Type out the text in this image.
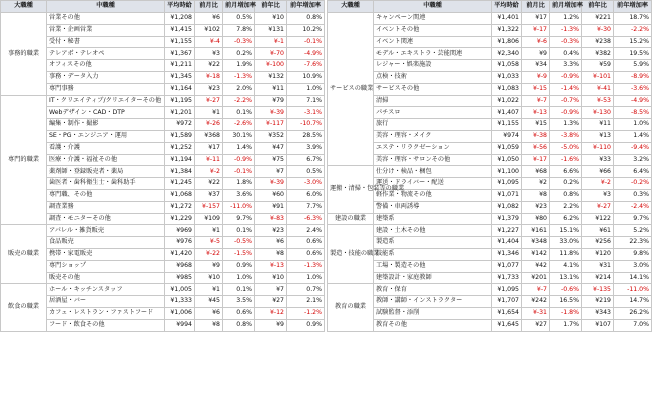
大職種	中職種	平均時給	前月比	前月増加率	前年比	前年増加率
事務的職業	営業その他	¥1,208	¥6	0.5%	¥10	0.8%
	営業・企画営業	¥1,415	¥102	7.8%	¥131	10.2%
	受付・秘書	¥1,155	¥-4	-0.3%	¥-1	-0.1%
	テレアポ・テレオペ	¥1,367	¥3	0.2%	¥-70	-4.9%
	オフィスその他	¥1,211	¥22	1.9%	¥-100	-7.6%
	事務・データ入力	¥1,345	¥-18	-1.3%	¥132	10.9%
	専門事務	¥1,164	¥23	2.0%	¥11	1.0%
専門的職業	IT・クリエイティブ/クリエイターその他	¥1,195	¥-27	-2.2%	¥79	7.1%
	Webデザイン・CAD・DTP	¥1,201	¥1	0.1%	¥-39	-3.1%
	編集・制作・撮影	¥972	¥-26	-2.6%	¥-117	-10.7%
	SE・PG・エンジニア・運用	¥1,589	¥368	30.1%	¥352	28.5%
	看護・介護	¥1,252	¥17	1.4%	¥47	3.9%
	医療・介護・福祉その他	¥1,194	¥-11	-0.9%	¥75	6.7%
	薬剤師・登録販売者・薬局	¥1,384	¥-2	-0.1%	¥7	0.5%
	歯医者・歯科衛生士・歯科助手	¥1,245	¥22	1.8%	¥-39	-3.0%
	専門職、その他	¥1,068	¥37	3.6%	¥60	6.0%
	調査業務	¥1,272	¥-157	-11.0%	¥91	7.7%
	調査・モニターその他	¥1,229	¥109	9.7%	¥-83	-6.3%
販売の職業	アパレル・雑貨販売	¥969	¥1	0.1%	¥23	2.4%
	食品販売	¥976	¥-5	-0.5%	¥6	0.6%
	携帯・家電販売	¥1,420	¥-22	-1.5%	¥8	0.6%
	専門ショップ	¥968	¥9	0.9%	¥-13	-1.3%
	販売その他	¥985	¥10	1.0%	¥10	1.0%
飲食の職業	ホール・キッチンスタッフ	¥1,005	¥1	0.1%	¥7	0.7%
	居酒屋・バー	¥1,333	¥45	3.5%	¥27	2.1%
	カフェ・レストラン・ファストフード	¥1,006	¥6	0.6%	¥-12	-1.2%
	フード・飲食その他	¥994	¥8	0.8%	¥9	0.9%
大職種	中職種	平均時給	前月比	前月増加率	前年比	前年増加率
サービスの職業	キャンペーン関連	¥1,401	¥17	1.2%	¥221	18.7%
	イベントその他	¥1,322	¥-17	-1.3%	¥-30	-2.2%
	イベント関連	¥1,806	¥-6	-0.3%	¥238	15.2%
	モデル・エキストラ・芸能関連	¥2,340	¥9	0.4%	¥382	19.5%
	レジャー・娯楽施設	¥1,058	¥34	3.3%	¥59	5.9%
	点検・技術	¥1,033	¥-9	-0.9%	¥-101	-8.9%
	サービスその他	¥1,083	¥-15	-1.4%	¥-41	-3.6%
	清掃	¥1,022	¥-7	-0.7%	¥-53	-4.9%
	パチスロ	¥1,407	¥-13	-0.9%	¥-130	-8.5%
	旅行	¥1,155	¥15	1.3%	¥11	1.0%
	美容・理容・メイク	¥974	¥-38	-3.8%	¥13	1.4%
	エステ・リラクゼーション	¥1,059	¥-56	-5.0%	¥-110	-9.4%
	美容・理容・サロンその他	¥1,050	¥-17	-1.6%	¥33	3.2%
運搬・清掃・包装等の職業	仕分け・検品・梱包	¥1,100	¥68	6.6%	¥66	6.4%
	運送・ドライバー・配送	¥1,095	¥2	0.2%	¥-2	-0.2%
	軽作業・物流その他	¥1,071	¥8	0.8%	¥3	0.3%
	警備・車両誘導	¥1,082	¥23	2.2%	¥-27	-2.4%
建設の職業	建築系	¥1,379	¥80	6.2%	¥122	9.7%
製造・技能の職業	建設・土木その他	¥1,227	¥161	15.1%	¥61	5.2%
	製造系	¥1,404	¥348	33.0%	¥256	22.3%
	技能系	¥1,346	¥142	11.8%	¥120	9.8%
	工場・製造その他	¥1,077	¥42	4.1%	¥31	3.0%
	建築設計・家庭教師	¥1,733	¥201	13.1%	¥214	14.1%
教育の職業	教育・保育	¥1,095	¥-7	-0.6%	¥-135	-11.0%
	教師・講師・インストラクター	¥1,707	¥242	16.5%	¥219	14.7%
	試験監督・添削	¥1,654	¥-31	-1.8%	¥343	26.2%
	教育その他	¥1,645	¥27	1.7%	¥107	7.0%
